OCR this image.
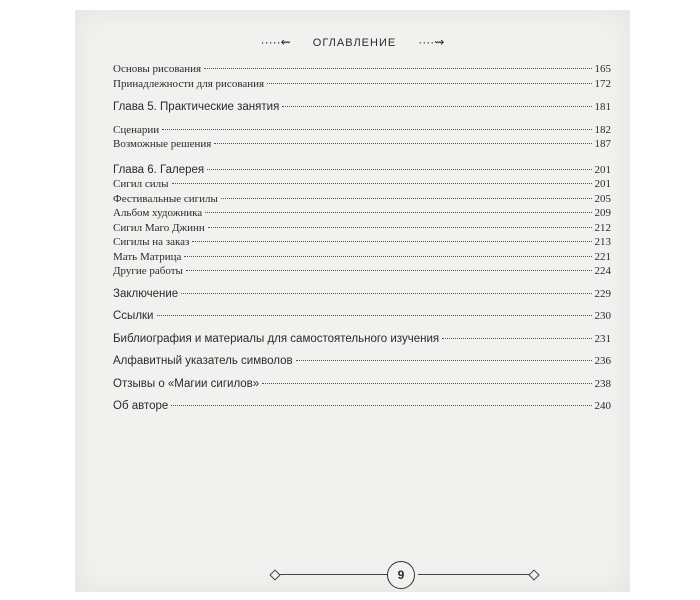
·····⇜ ОГЛАВЛЕНИЕ ····⇝
Основы рисования	165
Принадлежности для рисования	172
Глава 5. Практические занятия	181
Сценарии	182
Возможные решения	187
Глава 6. Галерея	201
Сигил силы	201
Фестивальные сигилы	205
Альбом художника	209
Сигил Маго Джинн	212
Сигилы на заказ	213
Мать Матрица	221
Другие работы	224
Заключение	229
Ссылки	230
Библиография и материалы для самостоятельного изучения	231
Алфавитный указатель символов	236
Отзывы о «Магии сигилов»	238
Об авторе	240
9
